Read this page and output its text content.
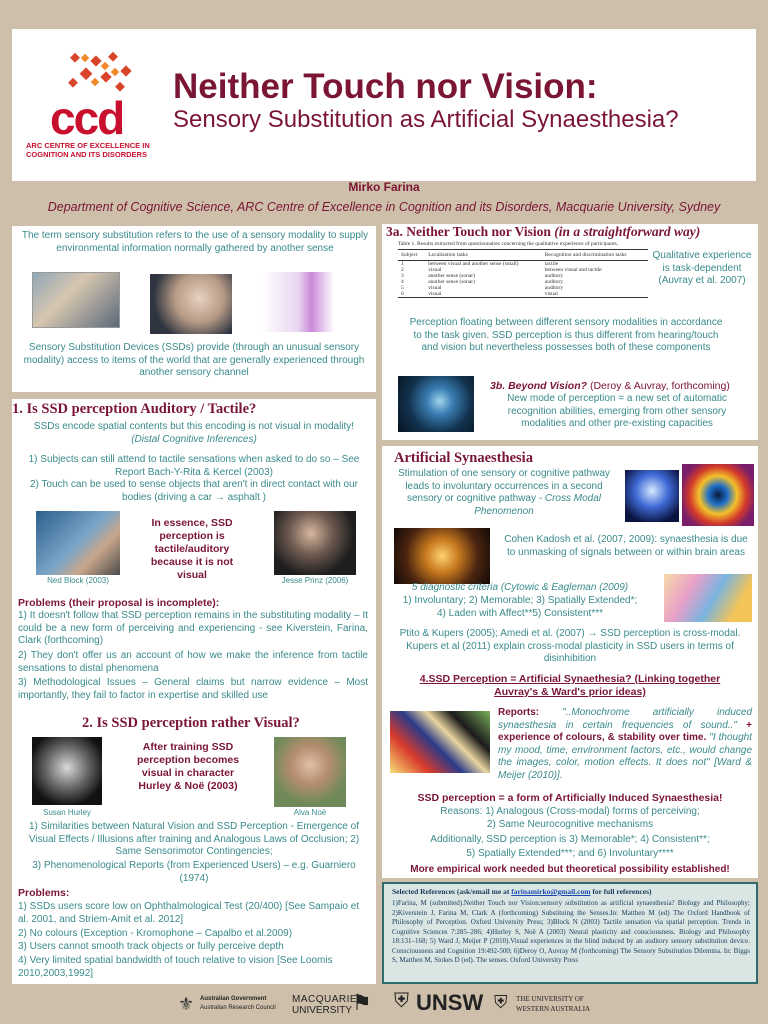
ccd
ARC CENTRE OF EXCELLENCE IN
COGNITION AND ITS DISORDERS
Neither Touch nor Vision:
Sensory Substitution as Artificial Synaesthesia?
Mirko Farina
Department of Cognitive Science, ARC Centre of Excellence in Cognition and its Disorders, Macquarie University, Sydney
The term sensory substitution refers to the use of a sensory modality to supply environmental information normally gathered by another sense
Sensory Substitution Devices (SSDs) provide (through an unusual sensory modality) access to items of the world that are generally experienced through another sensory channel
1. Is SSD perception Auditory / Tactile?
SSDs encode spatial contents but this encoding is not visual in modality! (Distal Cognitive Inferences)
1) Subjects can still attend to tactile sensations when asked to do so – See Report Bach-Y-Rita & Kercel (2003)
2) Touch can be used to sense objects that aren't in direct contact with our bodies (driving a car → asphalt )
Ned Block (2003)
In essence, SSD perception is tactile/auditory because it is not visual	Jesse Prinz (2006)
Problems (their proposal is incomplete):
1) It doesn't follow that SSD perception remains in the substituting modality – It could be a new form of perceiving and experiencing - see Kiverstein, Farina, Clark (forthcoming)
2) They don't offer us an account of how we make the inference from tactile sensations to distal phenomena
3) Methodological Issues – General claims but narrow evidence – Most importantly, they fail to factor in expertise and skilled use
2. Is SSD perception rather Visual?
Susan Hurley
After training SSD perception becomes visual in character Hurley & Noë (2003)
Alva Noë
1) Similarities between Natural Vision and SSD Perception - Emergence of Visual Effects / Illusions after training and Analogous Laws of Occlusion; 2) Same Sensorimotor Contingencies;
3) Phenomenological Reports (from Experienced Users) – e.g. Guarniero (1974)
Problems:
1) SSDs users score low on Ophthalmological Test (20/400) [See Sampaio et al. 2001, and Striem-Amit et al. 2012]
2) No colours (Exception - Kromophone – Capalbo et al.2009)
3) Users cannot smooth track objects or fully perceive depth
4) Very limited spatial bandwidth of touch relative to vision [See Loomis 2010,2003,1992]
3a. Neither Touch nor Vision (in a straightforward way)
Table 1. Results extracted from questionnaires concerning the qualitative experience of participants.
Subject	Localisation tasks	Recognition and discrimination tasks
1	between visual and another sense (small)	tactile
2	visual	between visual and tactile
3	another sense (sonar)	auditory
4	another sense (sonar)	auditory
5	visual	auditory
6	visual	visual
Qualitative experience is task-dependent (Auvray et al. 2007)
Perception floating between different sensory modalities in accordance to the task given. SSD perception is thus different from hearing/touch and vision but nevertheless possesses both of these components
3b. Beyond Vision? (Deroy & Auvray, forthcoming)
New mode of perception = a new set of automatic recognition abilities, emerging from other sensory modalities and other pre-existing capacities
Artificial Synaesthesia
Stimulation of one sensory or cognitive pathway leads to involuntary occurrences in a second sensory or cognitive pathway - Cross Modal Phenomenon
Cohen Kadosh et al. (2007, 2009): synaesthesia is due to unmasking of signals between or within brain areas
5 diagnostic criteria (Cytowic & Eagleman (2009)
1) Involuntary; 2) Memorable; 3) Spatially Extended*;
4) Laden with Affect**5) Consistent***
Ptito & Kupers (2005); Amedi et al. (2007) → SSD perception is cross-modal. Kupers et al (2011) explain cross-modal plasticity in SSD users in terms of disinhibition
4.SSD Perception = Artificial Synaethesia? (Linking together Auvray's & Ward's prior ideas)
Reports: "..Monochrome artificially induced synaesthesia in certain frequencies of sound.." + experience of colours, & stability over time. "I thought my mood, time, environment factors, etc., would change the images, color, motion effects. It does not" [Ward & Meijer (2010)].
SSD perception = a form of Artificially Induced Synaesthesia!
Reasons: 1) Analogous (Cross-modal) forms of perceiving;
2) Same Neurocognitive mechanisms
Additionally, SSD perception is 3) Memorable*; 4) Consistent**;
5) Spatially Extended***; and 6) Involuntary****
More empirical work needed but theoretical possibility established!
Selected References (ask/email me at farinamirko@gmail.com for full references)
1)Farina, M (submitted).Neither Touch nor Vision:sensory substitution as artificial synaesthesia? Biology and Philosophy; 2)Kiverstein J, Farina M, Clark A (forthcoming) Substituing the Senses.In: Matthen M (ed) The Oxford Handbook of Philosophy of Perception. Oxford University Press; 3)Block N (2003) Tactile sensation via spatial perception. Trends in Cognitive Sciences 7:285–286; 4)Hurley S, Noë A (2003) Neural plasticity and consciousness. Biology and Philosophy 18:131–168; 5) Ward J, Meijer P (2010).Visual experiences in the blind induced by an auditory sensory substitution device. Consciousness and Cognition 19:492-500; 6)Deroy O, Auvray M (forthcoming) The Sensory Substitution Dilemma. In: Biggs S, Matthen M, Stokes D (ed). The senses. Oxford University Press
⚜ Australian Government
Australian Research Council
MACQUARIE
UNIVERSITY ⚑ ⛨ UNSW ⛨ THE UNIVERSITY OF
WESTERN AUSTRALIA
